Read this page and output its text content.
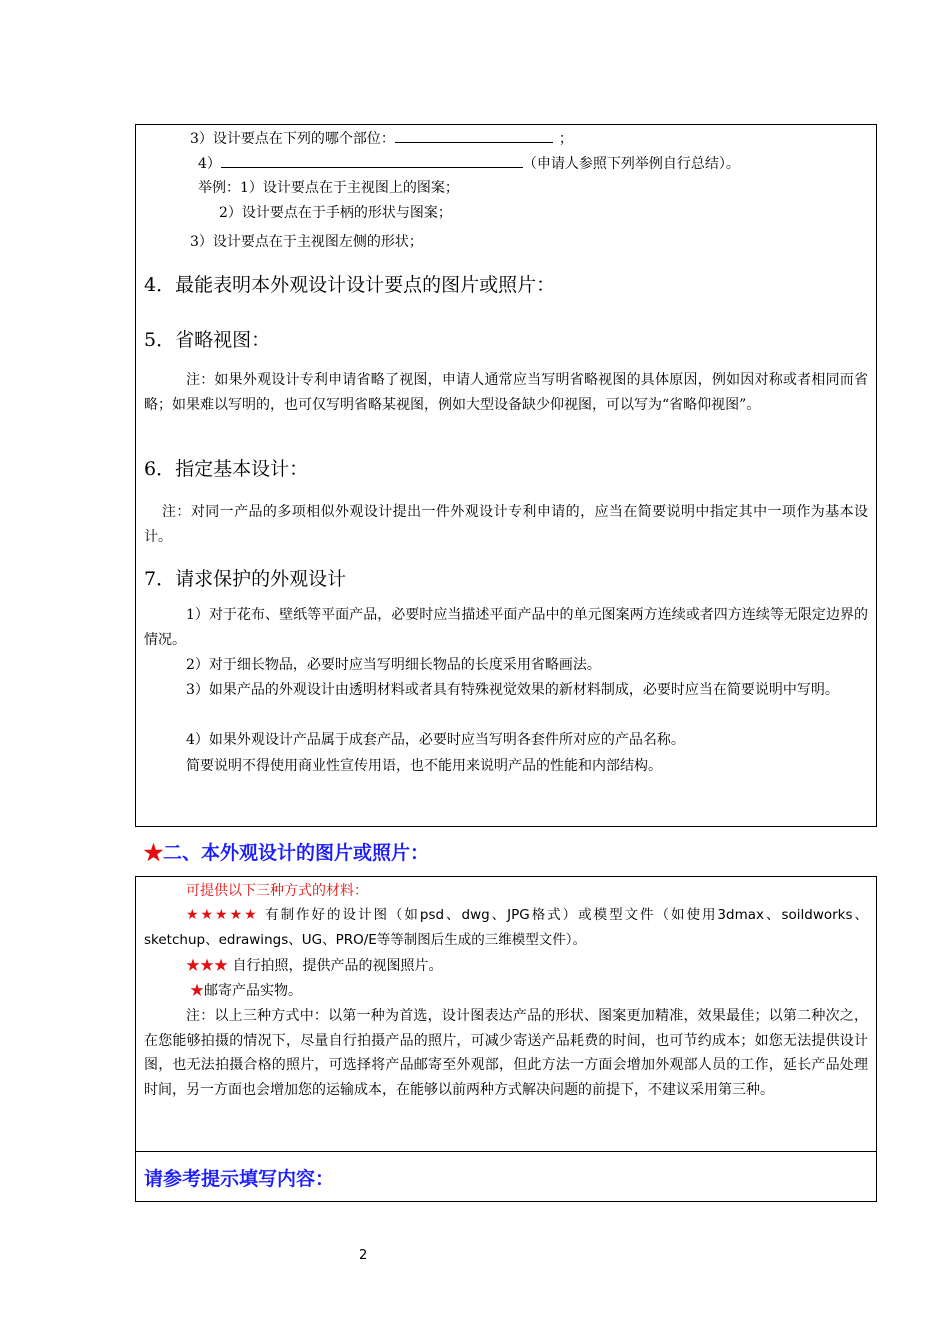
3）设计要点在下列的哪个部位：	；
4）	（申请人参照下列举例自行总结）。
举例：1）设计要点在于主视图上的图案；
2）设计要点在于手柄的形状与图案；
3）设计要点在于主视图左侧的形状；
4．最能表明本外观设计设计要点的图片或照片：
5．省略视图：
注：如果外观设计专利申请省略了视图，申请人通常应当写明省略视图的具体原因，例如因对称或者相同而省略；如果难以写明的，也可仅写明省略某视图，例如大型设备缺少仰视图，可以写为“省略仰视图”。
6．指定基本设计：
注：对同一产品的多项相似外观设计提出一件外观设计专利申请的，应当在简要说明中指定其中一项作为基本设计。
7．请求保护的外观设计
1）对于花布、壁纸等平面产品，必要时应当描述平面产品中的单元图案两方连续或者四方连续等无限定边界的情况。
2）对于细长物品，必要时应当写明细长物品的长度采用省略画法。
3）如果产品的外观设计由透明材料或者具有特殊视觉效果的新材料制成，必要时应当在简要说明中写明。
4）如果外观设计产品属于成套产品，必要时应当写明各套件所对应的产品名称。
简要说明不得使用商业性宣传用语，也不能用来说明产品的性能和内部结构。
★二、本外观设计的图片或照片：
可提供以下三种方式的材料：
★★★★★ 有制作好的设计图（如psd、dwg、JPG格式）或模型文件（如使用3dmax、soildworks、sketchup、edrawings、UG、PRO/E等等制图后生成的三维模型文件）。
★★★ 自行拍照，提供产品的视图照片。
★邮寄产品实物。
注：以上三种方式中：以第一种为首选，设计图表达产品的形状、图案更加精准，效果最佳；以第二种次之，在您能够拍摄的情况下，尽量自行拍摄产品的照片，可减少寄送产品耗费的时间，也可节约成本；如您无法提供设计图，也无法拍摄合格的照片，可选择将产品邮寄至外观部，但此方法一方面会增加外观部人员的工作，延长产品处理时间，另一方面也会增加您的运输成本，在能够以前两种方式解决问题的前提下，不建议采用第三种。
请参考提示填写内容：
2
